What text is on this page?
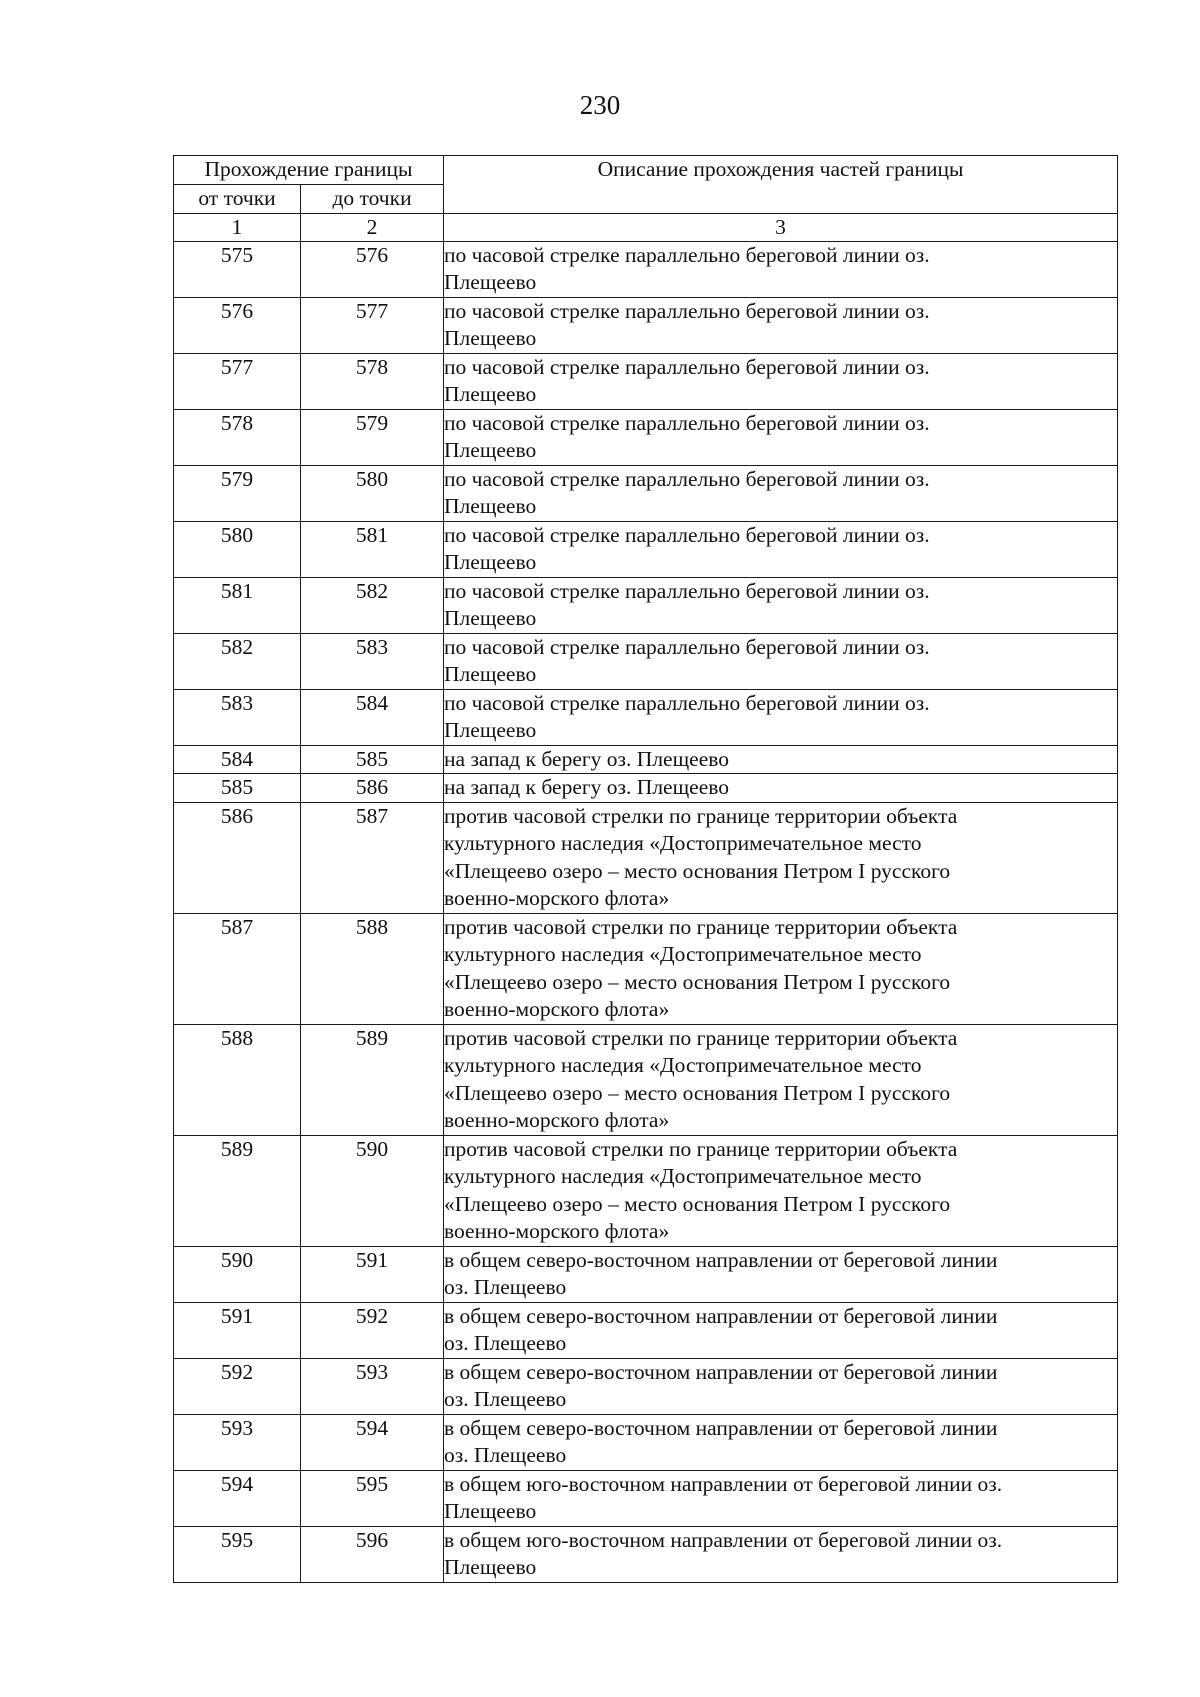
230
Прохождение границы		Описание прохождения частей границы
от точки	до точки	
1	2	3
575	576	по часовой стрелке параллельно береговой линии оз.
Плещеево

576	577	по часовой стрелке параллельно береговой линии оз.
Плещеево

577	578	по часовой стрелке параллельно береговой линии оз.
Плещеево

578	579	по часовой стрелке параллельно береговой линии оз.
Плещеево

579	580	по часовой стрелке параллельно береговой линии оз.
Плещеево

580	581	по часовой стрелке параллельно береговой линии оз.
Плещеево

581	582	по часовой стрелке параллельно береговой линии оз.
Плещеево

582	583	по часовой стрелке параллельно береговой линии оз.
Плещеево

583	584	по часовой стрелке параллельно береговой линии оз.
Плещеево

584	585	на запад к берегу оз. Плещеево

585	586	на запад к берегу оз. Плещеево

586	587	против часовой стрелки по границе территории объекта
культурного наследия «Достопримечательное место
«Плещеево озеро – место основания Петром I русского
военно-морского флота»

587	588	против часовой стрелки по границе территории объекта
культурного наследия «Достопримечательное место
«Плещеево озеро – место основания Петром I русского
военно-морского флота»

588	589	против часовой стрелки по границе территории объекта
культурного наследия «Достопримечательное место
«Плещеево озеро – место основания Петром I русского
военно-морского флота»

589	590	против часовой стрелки по границе территории объекта
культурного наследия «Достопримечательное место
«Плещеево озеро – место основания Петром I русского
военно-морского флота»

590	591	в общем северо-восточном направлении от береговой линии
оз. Плещеево

591	592	в общем северо-восточном направлении от береговой линии
оз. Плещеево

592	593	в общем северо-восточном направлении от береговой линии
оз. Плещеево

593	594	в общем северо-восточном направлении от береговой линии
оз. Плещеево

594	595	в общем юго-восточном направлении от береговой линии оз.
Плещеево

595	596	в общем юго-восточном направлении от береговой линии оз.
Плещеево
